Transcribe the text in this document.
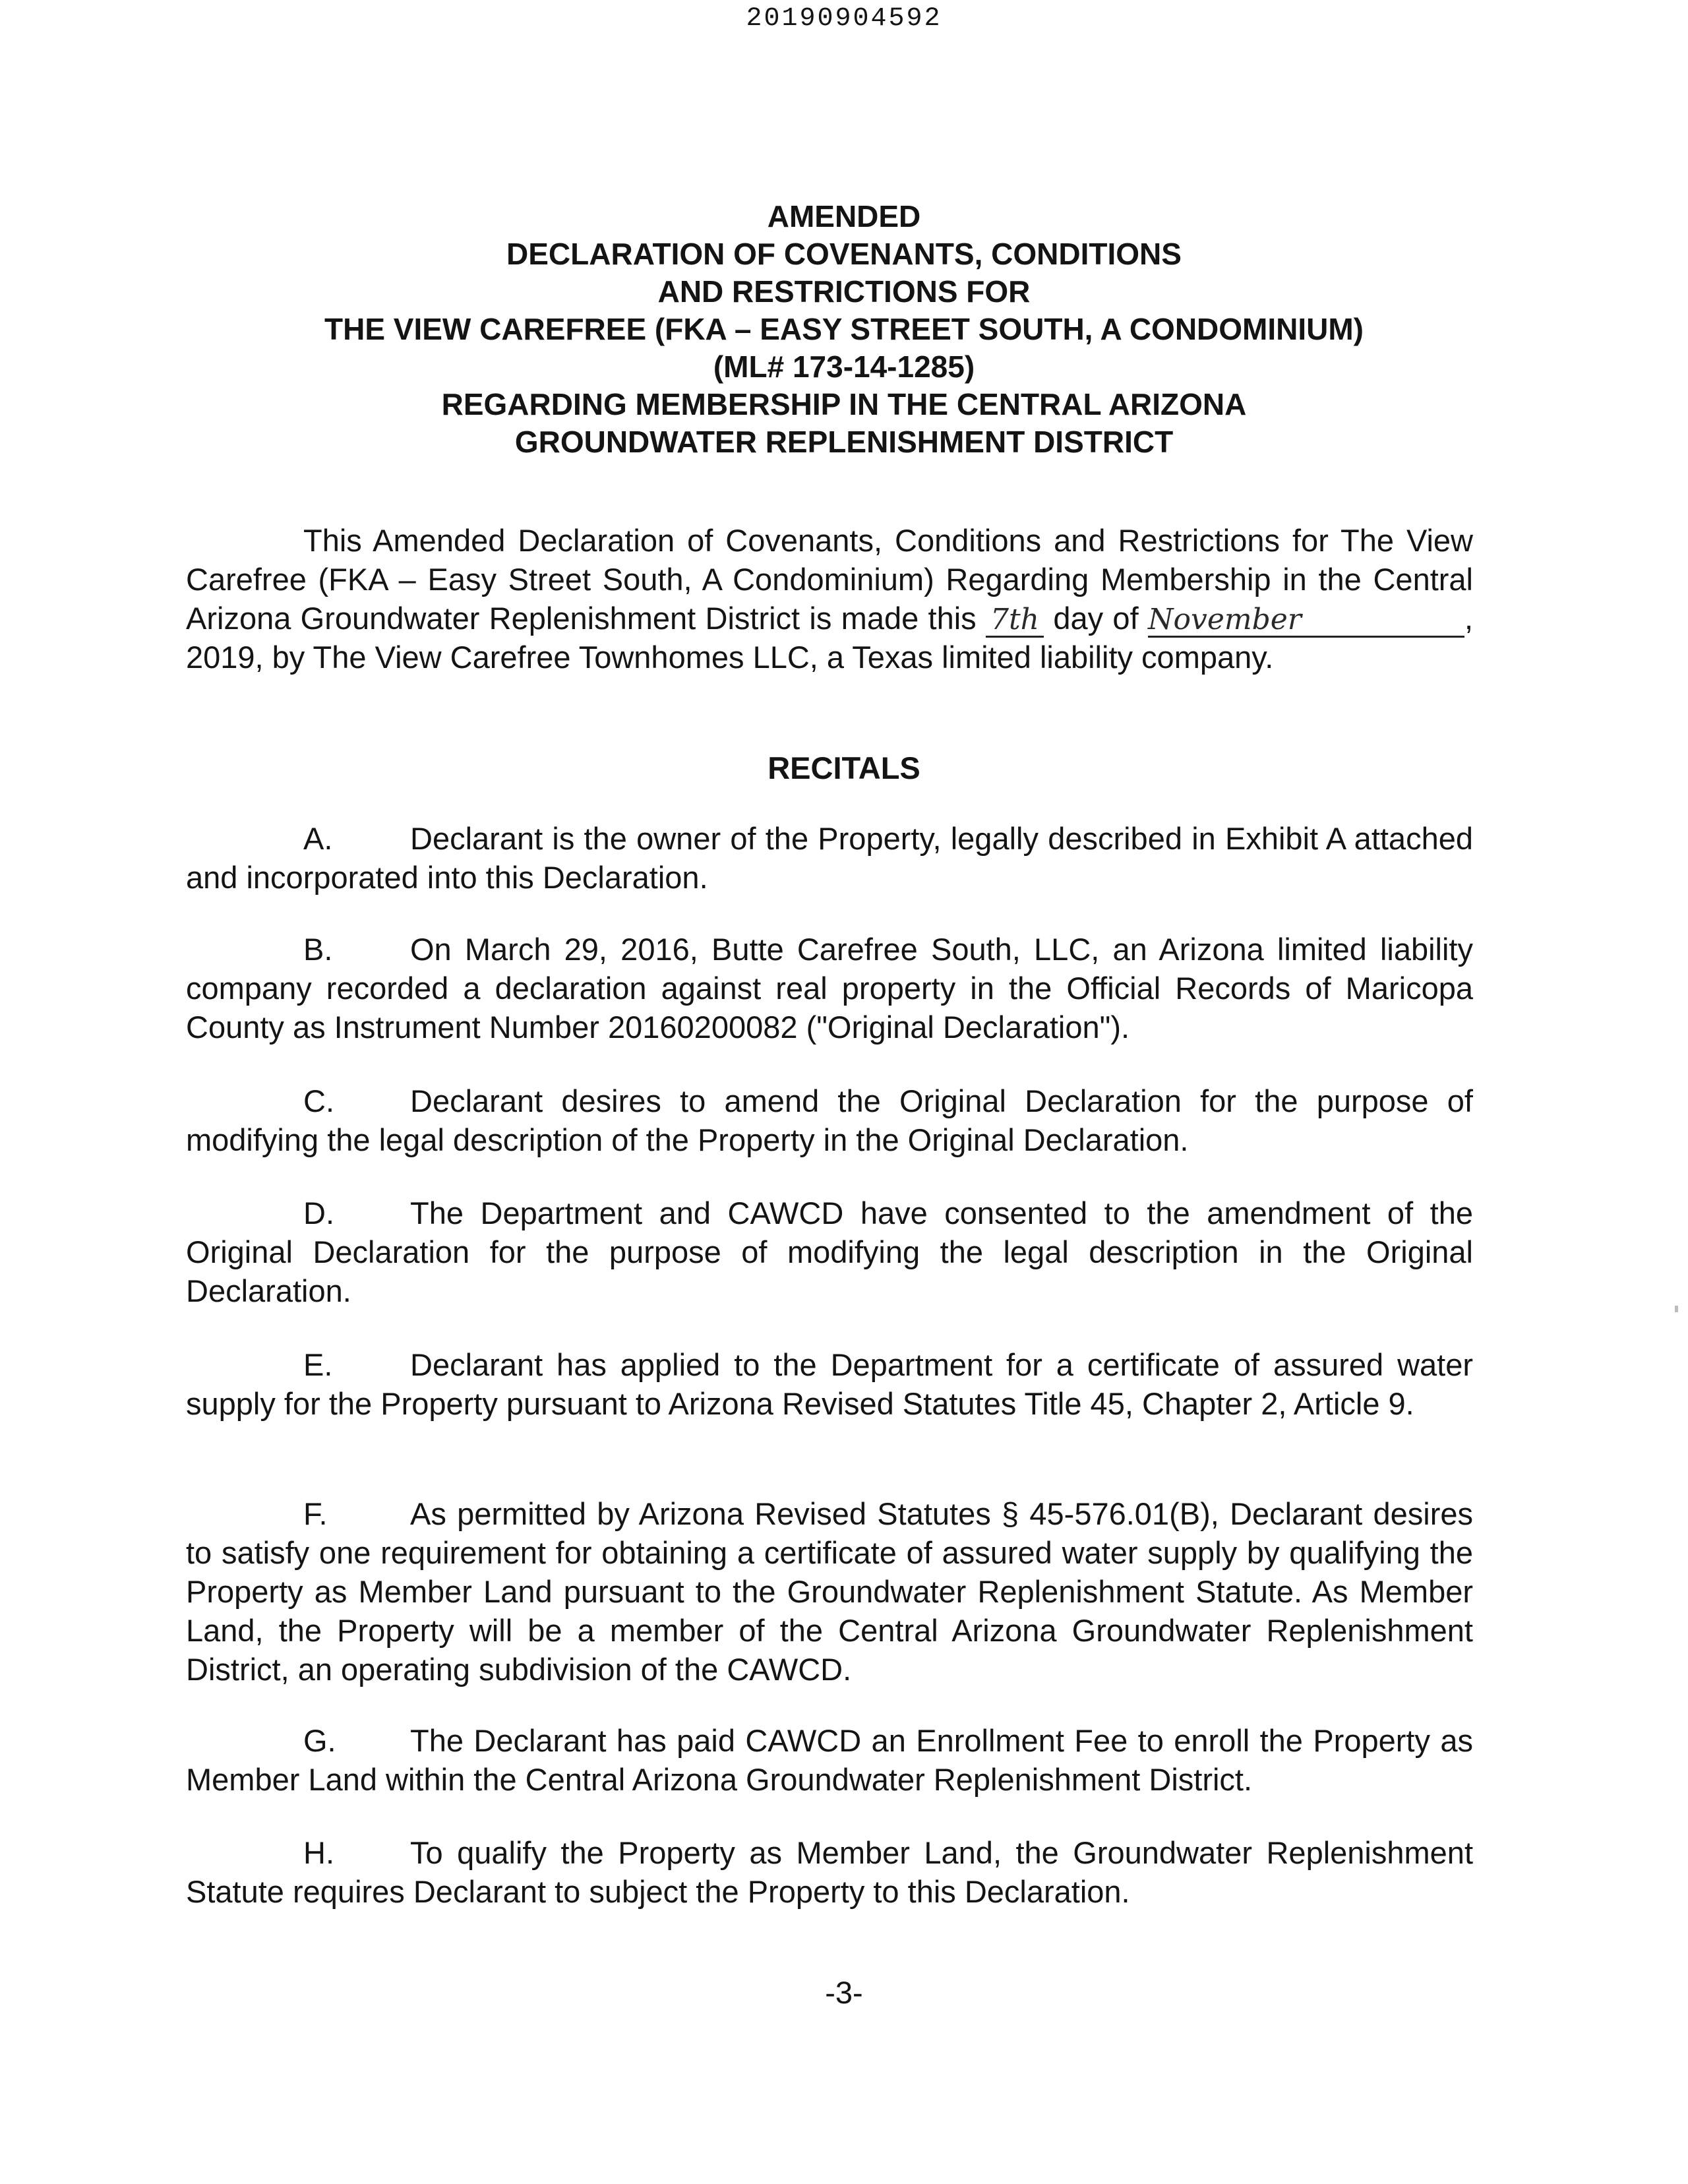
20190904592
AMENDED
DECLARATION OF COVENANTS, CONDITIONS
AND RESTRICTIONS FOR
THE VIEW CAREFREE (FKA – EASY STREET SOUTH, A CONDOMINIUM)
(ML# 173-14-1285)
REGARDING MEMBERSHIP IN THE CENTRAL ARIZONA
GROUNDWATER REPLENISHMENT DISTRICT
This Amended Declaration of Covenants, Conditions and Restrictions for The View Carefree (FKA – Easy Street South, A Condominium) Regarding Membership in the Central Arizona Groundwater Replenishment District is made this 7th day of November	, 2019, by The View Carefree Townhomes LLC, a Texas limited liability company.
RECITALS
A.	Declarant is the owner of the Property, legally described in Exhibit A attached and incorporated into this Declaration.
B.	On March 29, 2016, Butte Carefree South, LLC, an Arizona limited liability company recorded a declaration against real property in the Official Records of Maricopa County as Instrument Number 20160200082 ("Original Declaration").
C. Declarant desires to amend the Original Declaration for the purpose of modifying the legal description of the Property in the Original Declaration.
D. The Department and CAWCD have consented to the amendment of the Original Declaration for the purpose of modifying the legal description in the Original Declaration.
E.	Declarant has applied to the Department for a certificate of assured water supply for the Property pursuant to Arizona Revised Statutes Title 45, Chapter 2, Article 9.
F.	As permitted by Arizona Revised Statutes § 45-576.01(B), Declarant desires to satisfy one requirement for obtaining a certificate of assured water supply by qualifying the Property as Member Land pursuant to the Groundwater Replenishment Statute. As Member Land, the Property will be a member of the Central Arizona Groundwater Replenishment District, an operating subdivision of the CAWCD.
G. The Declarant has paid CAWCD an Enrollment Fee to enroll the Property as Member Land within the Central Arizona Groundwater Replenishment District.
H. To qualify the Property as Member Land, the Groundwater Replenishment Statute requires Declarant to subject the Property to this Declaration.
-3-
